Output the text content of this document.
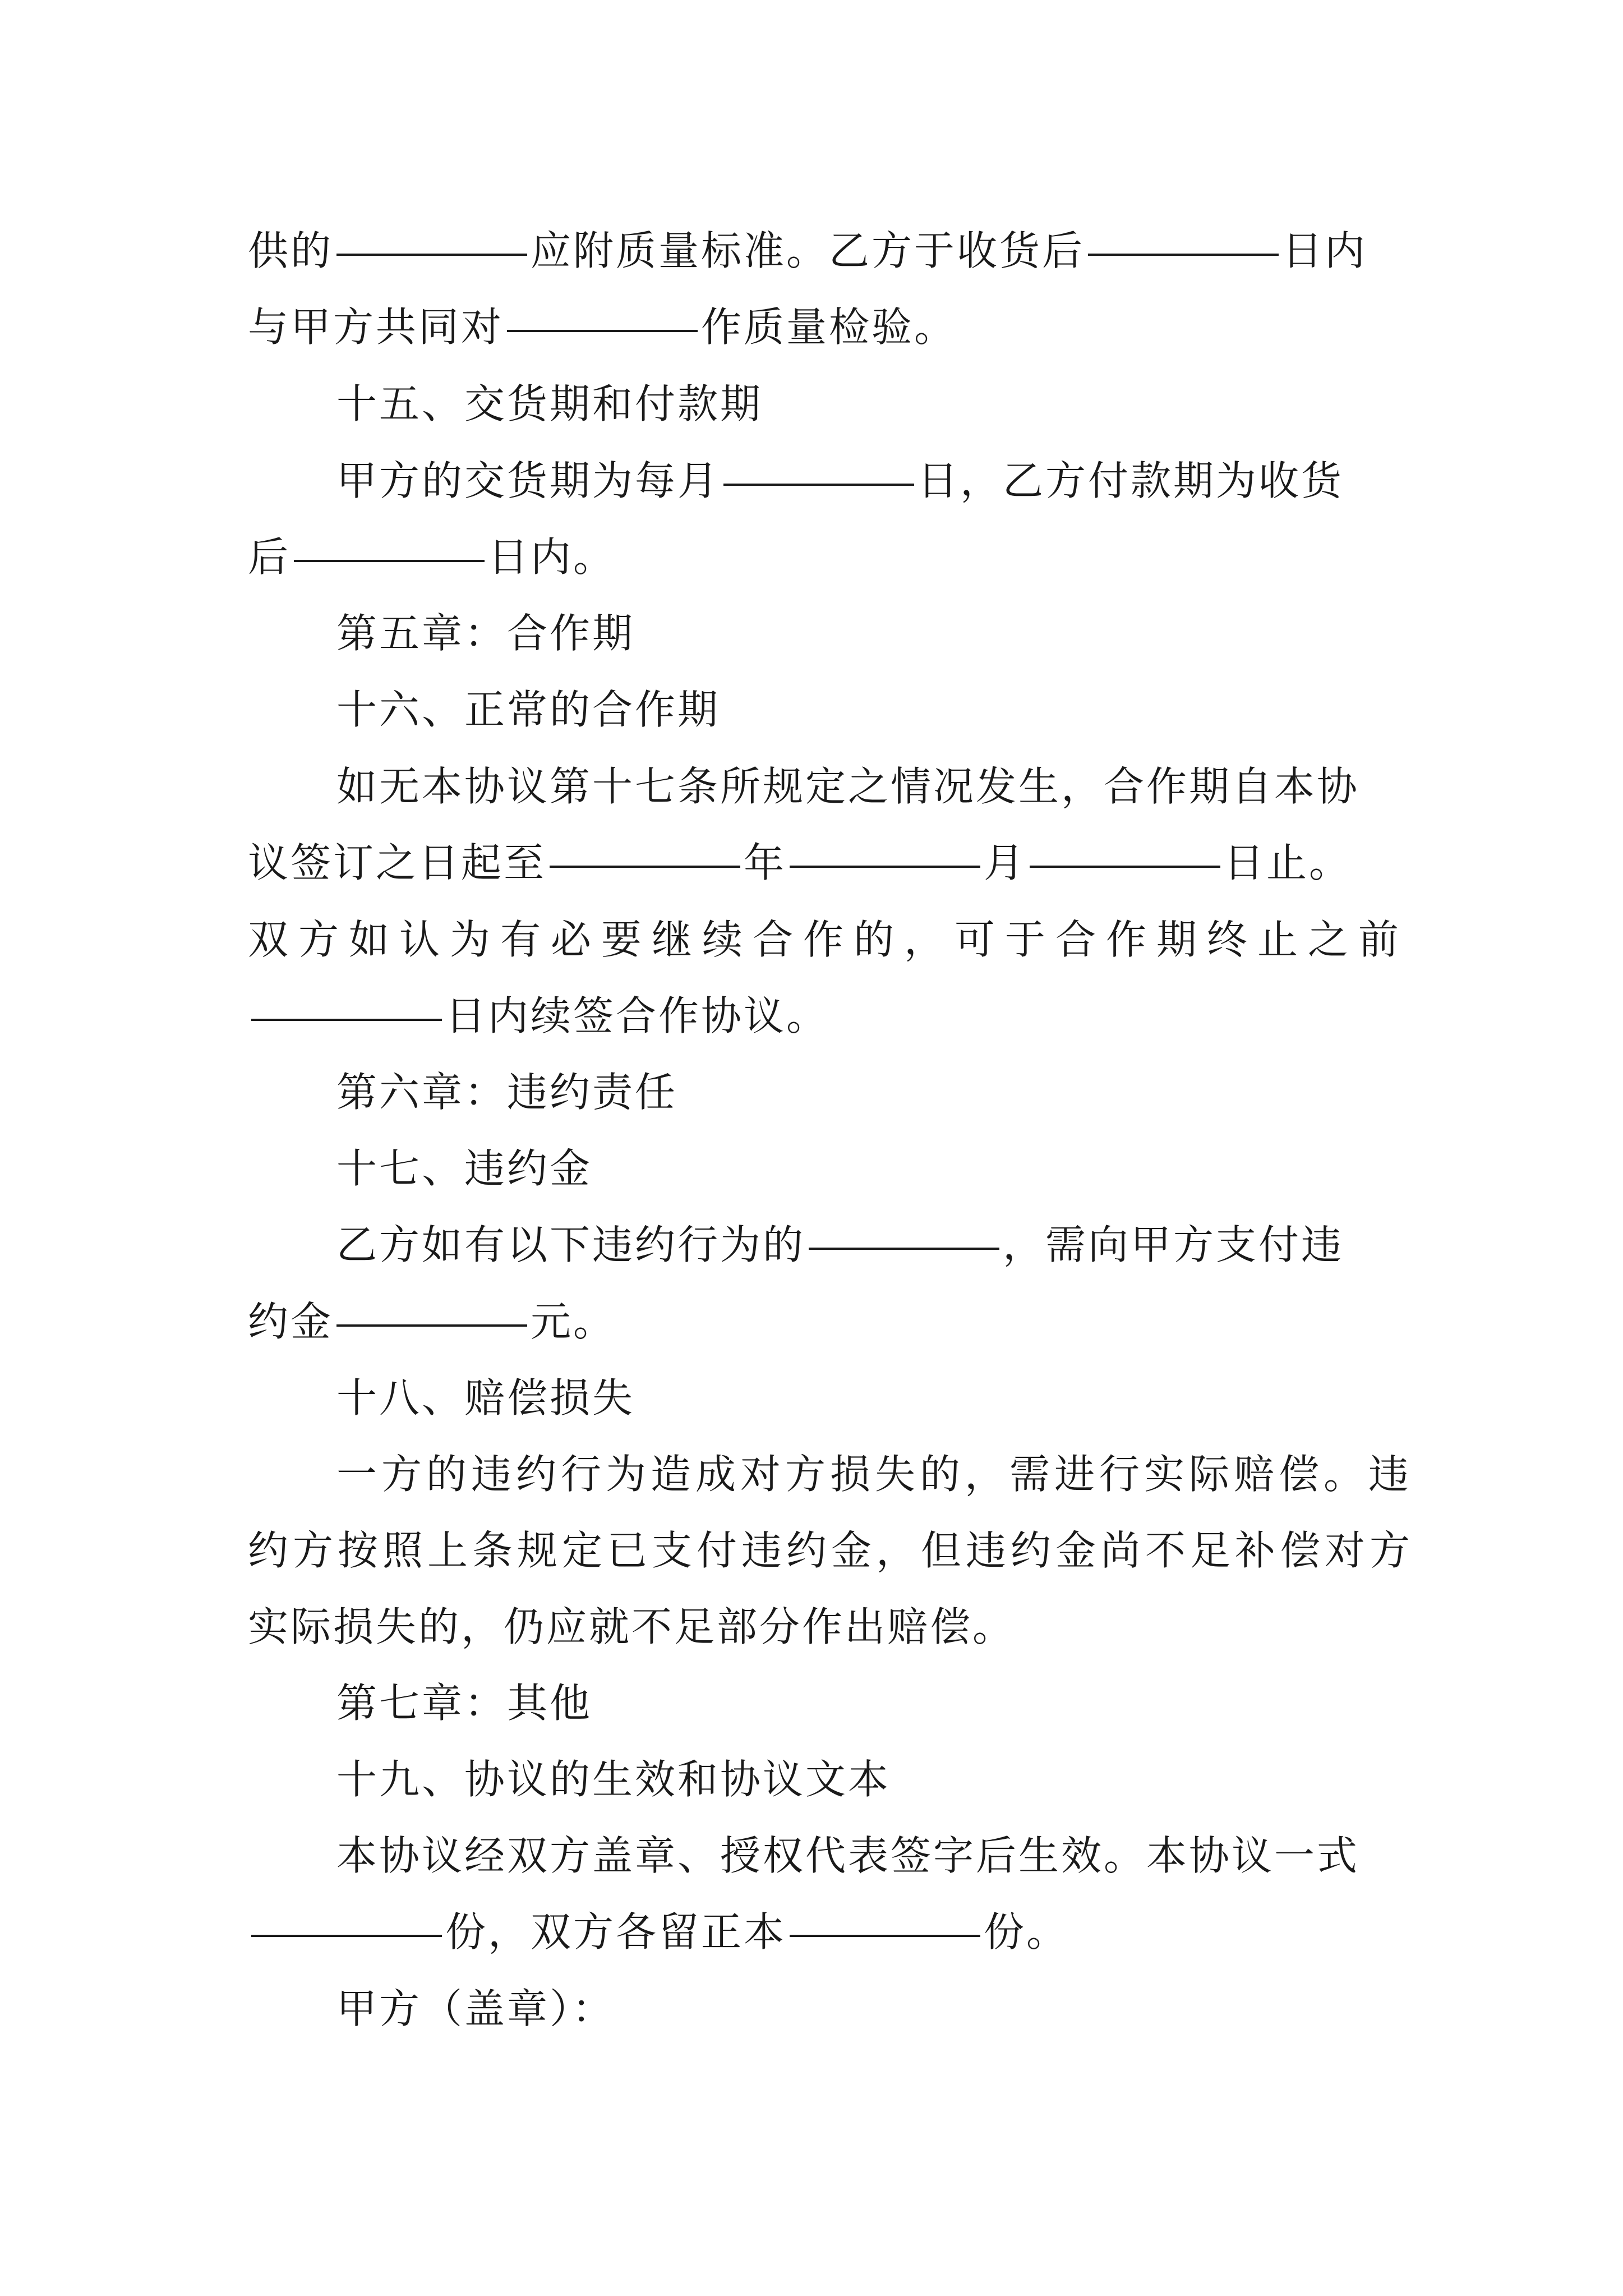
供的	应附质量标准。乙方于收货后	日内
与甲方共同对	作质量检验。
十五、交货期和付款期
甲方的交货期为每月	日，乙方付款期为收货
后	日内。
第五章：合作期
十六、正常的合作期
如无本协议第十七条所规定之情况发生，合作期自本协
议签订之日起至	年	月	日止。
双方如认为有必要继续合作的，可于合作期终止之前
日内续签合作协议。
第六章：违约责任
十七、违约金
乙方如有以下违约行为的	，需向甲方支付违
约金	元。
十八、赔偿损失
一方的违约行为造成对方损失的，需进行实际赔偿。违
约方按照上条规定已支付违约金，但违约金尚不足补偿对方
实际损失的，仍应就不足部分作出赔偿。
第七章：其他
十九、协议的生效和协议文本
本协议经双方盖章、授权代表签字后生效。本协议一式
份，双方各留正本	份。
甲方（盖章）：
